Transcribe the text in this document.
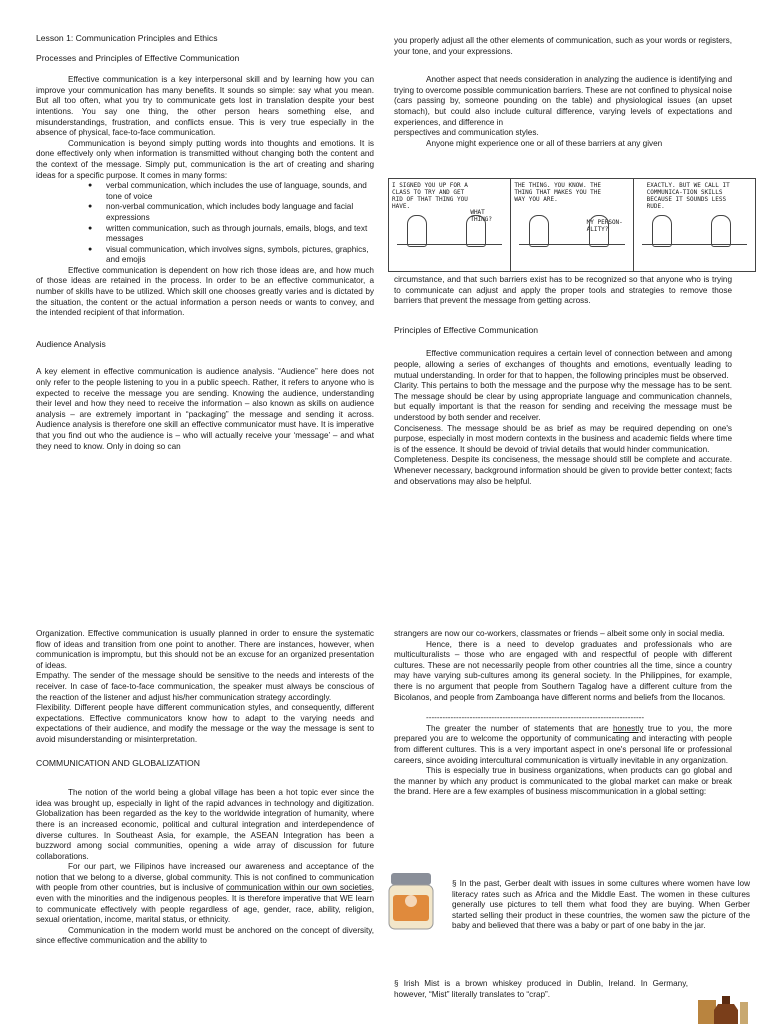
Lesson 1: Communication Principles and Ethics

Processes and Principles of Effective Communication

Effective communication is a key interpersonal skill and by learning how you can improve your communication has many benefits. It sounds so simple: say what you mean. But all too often, what you try to communicate gets lost in translation despite your best intentions. You say one thing, the other person hears something else, and misunderstandings, frustration, and conflicts ensue. This is very true especially in the absence of physical, face-to-face communication.

Communication is beyond simply putting words into thoughts and emotions. It is done effectively only when information is transmitted without changing both the content and the context of the message. Simply put, communication is the art of creating and sharing ideas for a specific purpose. It comes in many forms:

● verbal communication, which includes the use of language, sounds, and tone of voice
● non-verbal communication, which includes body language and facial expressions
● written communication, such as through journals, emails, blogs, and text messages
● visual communication, which involves signs, symbols, pictures, graphics, and emojis

Effective communication is dependent on how rich those ideas are, and how much of those ideas are retained in the process. In order to be an effective communicator, a number of skills have to be utilized. Which skill one chooses greatly varies and is dictated by the situation, the content or the actual information a person needs or wants to convey, and the intended recipient of that information.

Audience Analysis

A key element in effective communication is audience analysis. “Audience” here does not only refer to the people listening to you in a public speech. Rather, it refers to anyone who is expected to receive the message you are sending. Knowing the audience, understanding their level and how they need to receive the information – also known as skills on audience analysis – are extremely important in “packaging” the message and sending it across. Audience analysis is therefore one skill an effective communicator must have. It is imperative that you find out who the audience is – who will actually receive your ‘message’ – and what they need to know. Only in doing so can

you properly adjust all the other elements of communication, such as your words or registers, your tone, and your expressions.

Another aspect that needs consideration in analyzing the audience is identifying and trying to overcome possible communication barriers. These are not confined to physical noise (cars passing by, someone pounding on the table) and physiological issues (an upset stomach), but could also include cultural difference, varying levels of expectations and experiences, and difference in

perspectives and communication styles.

Anyone might experience one or all of these barriers at any given

I SIGNED YOU UP FOR A CLASS TO TRY AND GET RID OF THAT THING YOU HAVE.

WHAT THING?

THE THING. YOU KNOW. THE THING THAT MAKES YOU THE WAY YOU ARE.

MY PERSON-ALITY?

EXACTLY. BUT WE CALL IT COMMUNICA-TION SKILLS BECAUSE IT SOUNDS LESS RUDE.

circumstance, and that such barriers exist has to be recognized so that anyone who is trying to communicate can adjust and apply the proper tools and strategies to remove those barriers that prevent the message from getting across.

Principles of Effective Communication

Effective communication requires a certain level of connection between and among people, allowing a series of exchanges of thoughts and emotions, eventually leading to mutual understanding. In order for that to happen, the following principles must be observed.

Clarity. This pertains to both the message and the purpose why the message has to be sent. The message should be clear by using appropriate language and communication channels, but equally important is that the reason for sending and receiving the message must be understood by both sender and receiver.

Conciseness. The message should be as brief as may be required depending on one's purpose, especially in most modern contexts in the business and academic fields where time is of the essence. It should be devoid of trivial details that would hinder communication.

Completeness. Despite its conciseness, the message should still be complete and accurate. Whenever necessary, background information should be given to provide better context; facts and observations may also be helpful.

Organization. Effective communication is usually planned in order to ensure the systematic flow of ideas and transition from one point to another. There are instances, however, when communication is impromptu, but this should not be an excuse for an organized presentation of ideas.

Empathy. The sender of the message should be sensitive to the needs and interests of the receiver. In case of face-to-face communication, the speaker must always be conscious of the reaction of the listener and adjust his/her communication strategy accordingly.

Flexibility. Different people have different communication styles, and consequently, different expectations. Effective communicators know how to adapt to the varying needs and expectations of their audience, and modify the message or the way the message is sent to avoid misunderstanding or misinterpretation.

COMMUNICATION AND GLOBALIZATION

The notion of the world being a global village has been a hot topic ever since the idea was brought up, especially in light of the rapid advances in technology and digitization. Globalization has been regarded as the key to the worldwide integration of humanity, where there is an increased economic, political and cultural integration and interdependence of diverse cultures. In Southeast Asia, for example, the ASEAN Integration has been a buzzword among social communities, opening a wide array of discussion for future collaborations.

For our part, we Filipinos have increased our awareness and acceptance of the notion that we belong to a diverse, global community. This is not confined to communication with people from other countries, but is inclusive of communication within our own societies, even with the minorities and the indigenous peoples. It is therefore imperative that WE learn to communicate effectively with people regardless of age, gender, race, ability, religion, sexual orientation, income, marital status, or ethnicity.

Communication in the modern world must be anchored on the concept of diversity, since effective communication and the ability to

strangers are now our co-workers, classmates or friends – albeit some only in social media.

Hence, there is a need to develop graduates and professionals who are multiculturalists – those who are engaged with and respectful of people with different cultures. These are not necessarily people from other countries all the time, since a country may have varying sub-cultures among its general society. In the Philippines, for example, there is no argument that people from Southern Tagalog have a different culture from the Bicolanos, and people from Zamboanga have different norms and beliefs from the Ilocanos.

--------------------------------------------------------------------------------

The greater the number of statements that are honestly true to you, the more prepared you are to welcome the opportunity of communicating and interacting with people from different cultures. This is a very important aspect in one's personal life or professional careers, since avoiding intercultural communication is virtually inevitable in any organization.

This is especially true in business organizations, when products can go global and the manner by which any product is communicated to the global market can make or break the brand. Here are a few examples of business miscommunication in a global setting:

§ In the past, Gerber dealt with issues in some cultures where women have low literacy rates such as Africa and the Middle East. The women in these cultures generally use pictures to tell them what food they are buying. When Gerber started selling their product in these countries, the women saw the picture of the baby and believed that there was a baby or part of one baby in the jar.

§ Irish Mist is a brown whiskey produced in Dublin, Ireland. In Germany, however, “Mist” literally translates to “crap”.
